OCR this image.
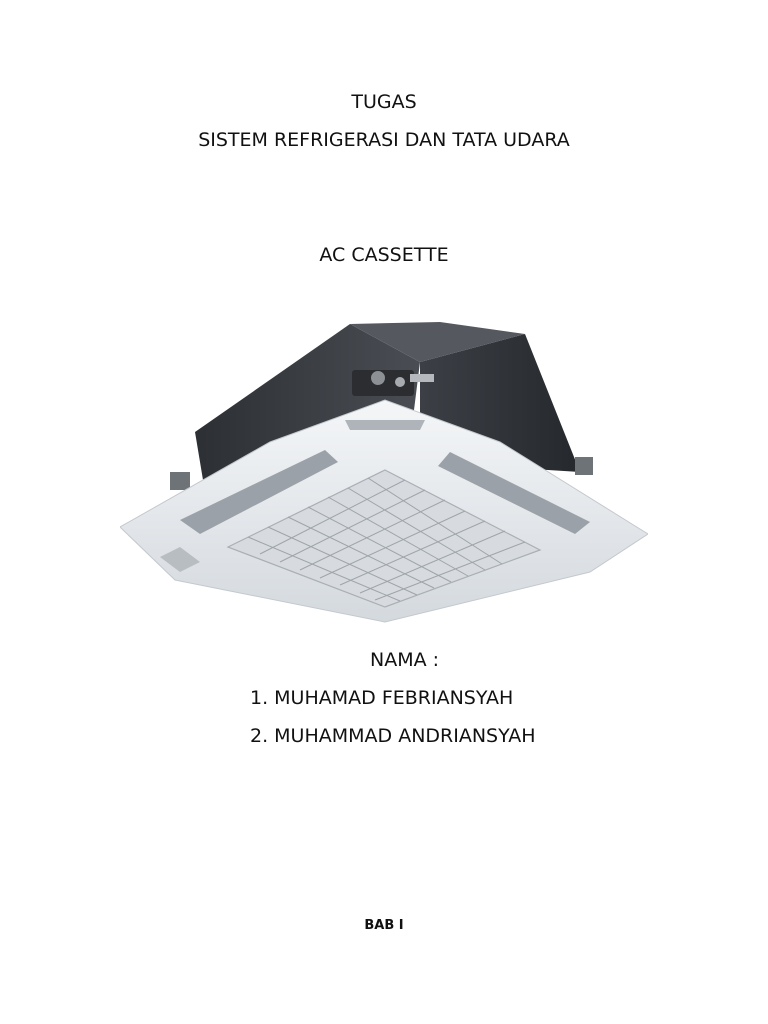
TUGAS
SISTEM REFRIGERASI DAN TATA UDARA
AC CASSETTE
NAMA :
1. MUHAMAD FEBRIANSYAH
2. MUHAMMAD ANDRIANSYAH
BAB I
